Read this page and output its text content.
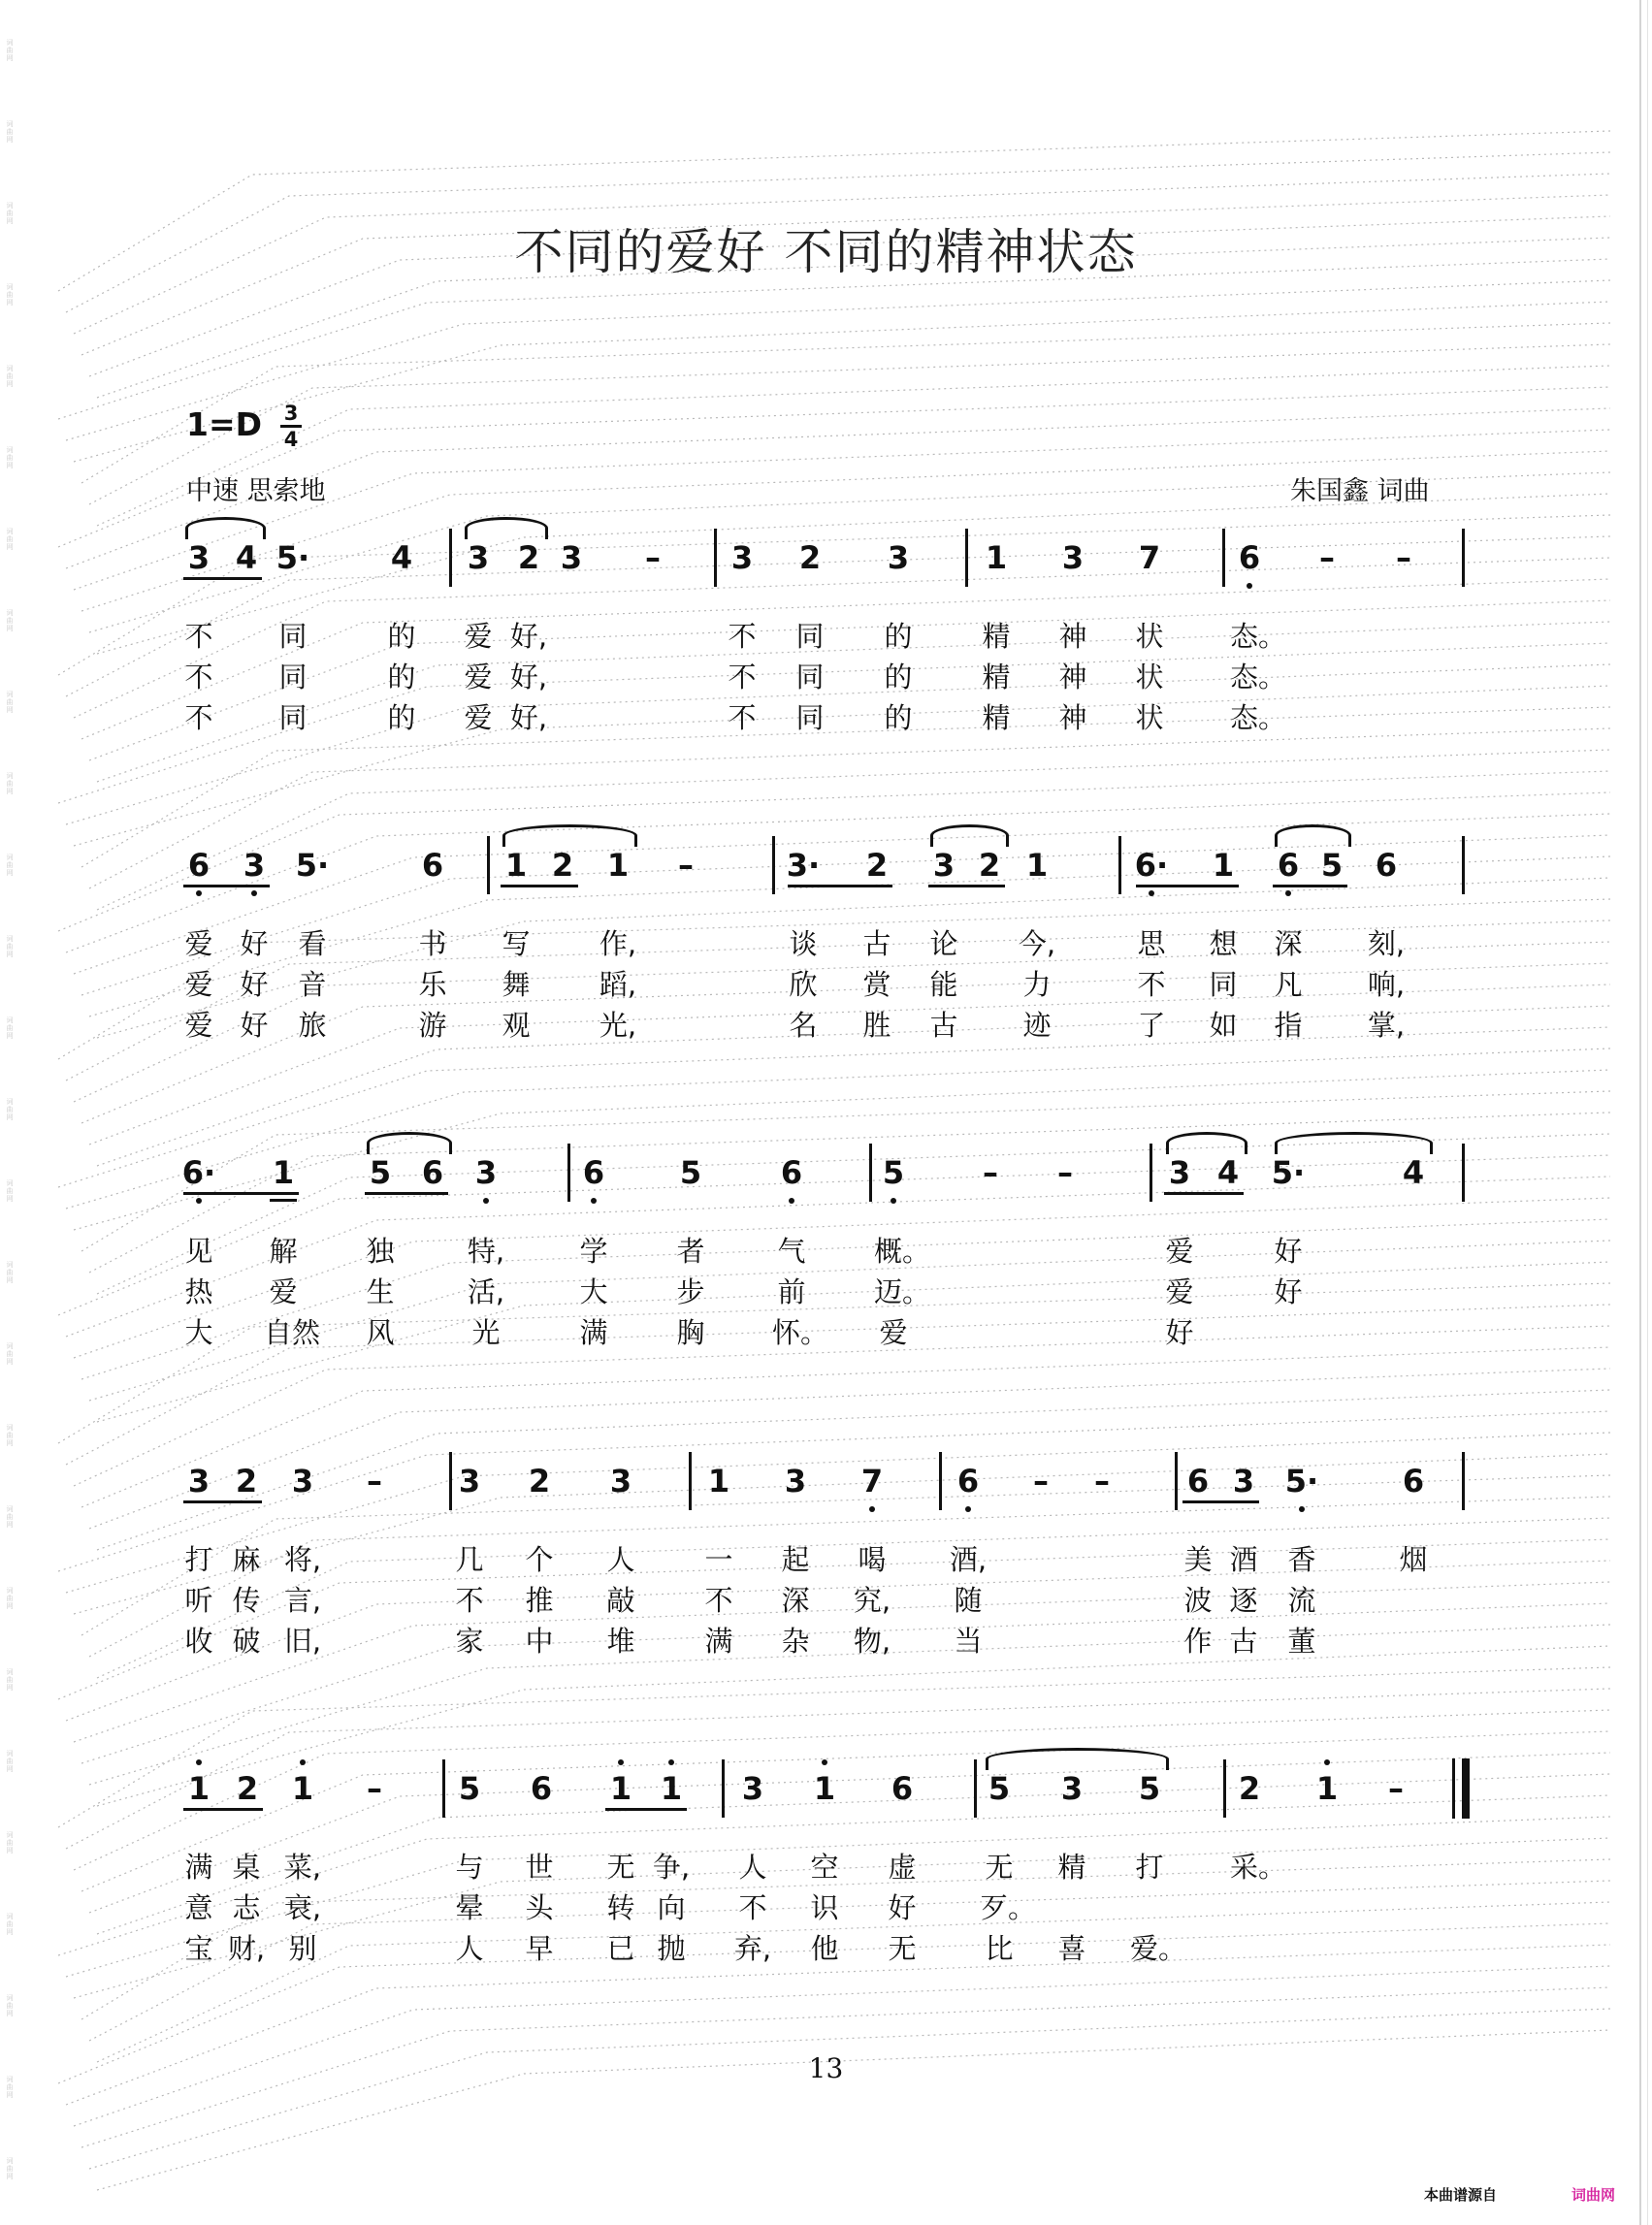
词
曲
网
词
曲
网
词
曲
网
词
曲
网
词
曲
网
词
曲
网
词
曲
网
词
曲
网
词
曲
网
词
曲
网
词
曲
网
词
曲
网
词
曲
网
词
曲
网
词
曲
网
词
曲
网
词
曲
网
词
曲
网
词
曲
网
词
曲
网
词
曲
网
词
曲
网
词
曲
网
词
曲
网
词
曲
网
词
曲
网
词
曲
网
不同的爱好 不同的精神状态
1=D 3
4
中速 思索地	朱国鑫 词曲
3 4 5·	4 3 2 3	–	3 2 3 1 3 7	6	–	–
不 同	的 爱 好,	不 同 的 精 神 状 态。
不 同	的 爱 好,	不 同 的 精 神 状 态。
不 同	的 爱 好,	不 同 的 精 神 状 态。
6 3 5·	6 1 2 1	–	3· 2 3 2 1	6· 1 6 5 6
爱 好 看	书 写 作,	谈 古 论 今,	思 想 深 刻,
爱 好 音	乐 舞 蹈,	欣 赏 能 力	不 同 凡 响,
爱 好 旅	游 观 光,	名 胜 古 迹	了 如 指 掌,
6· 1 5 6 3	6 5	6	5	–	–	3 4 5·	4
见 解 独	特,	学 者	气 概。	爱	好
热 爱 生	活,	大 步	前 迈。	爱	好
大 自然 风	光	满 胸 怀。 爱	好
3 2 3	–	3 2 3 1 3 7 6	–	–	6 3 5·	6
打 麻 将,	几 个 人 一 起 喝 酒,	美 酒 香	烟
听 传 言,	不 推 敲 不 深 究, 随	波 逐 流
收 破 旧,	家 中 堆 满 杂 物, 当	作 古 董
1 2 1	–	5 6 1 1 3 1 6 5 3 5	2 1	–
满 桌 菜,	与 世 无 争, 人 空 虚 无 精 打 采。
意 志 衰,	晕 头 转 向 不 识 好 歹。
宝 财, 别	人 早 已 抛 弃, 他 无 比 喜 爱。
13
本曲谱源自	词曲网
